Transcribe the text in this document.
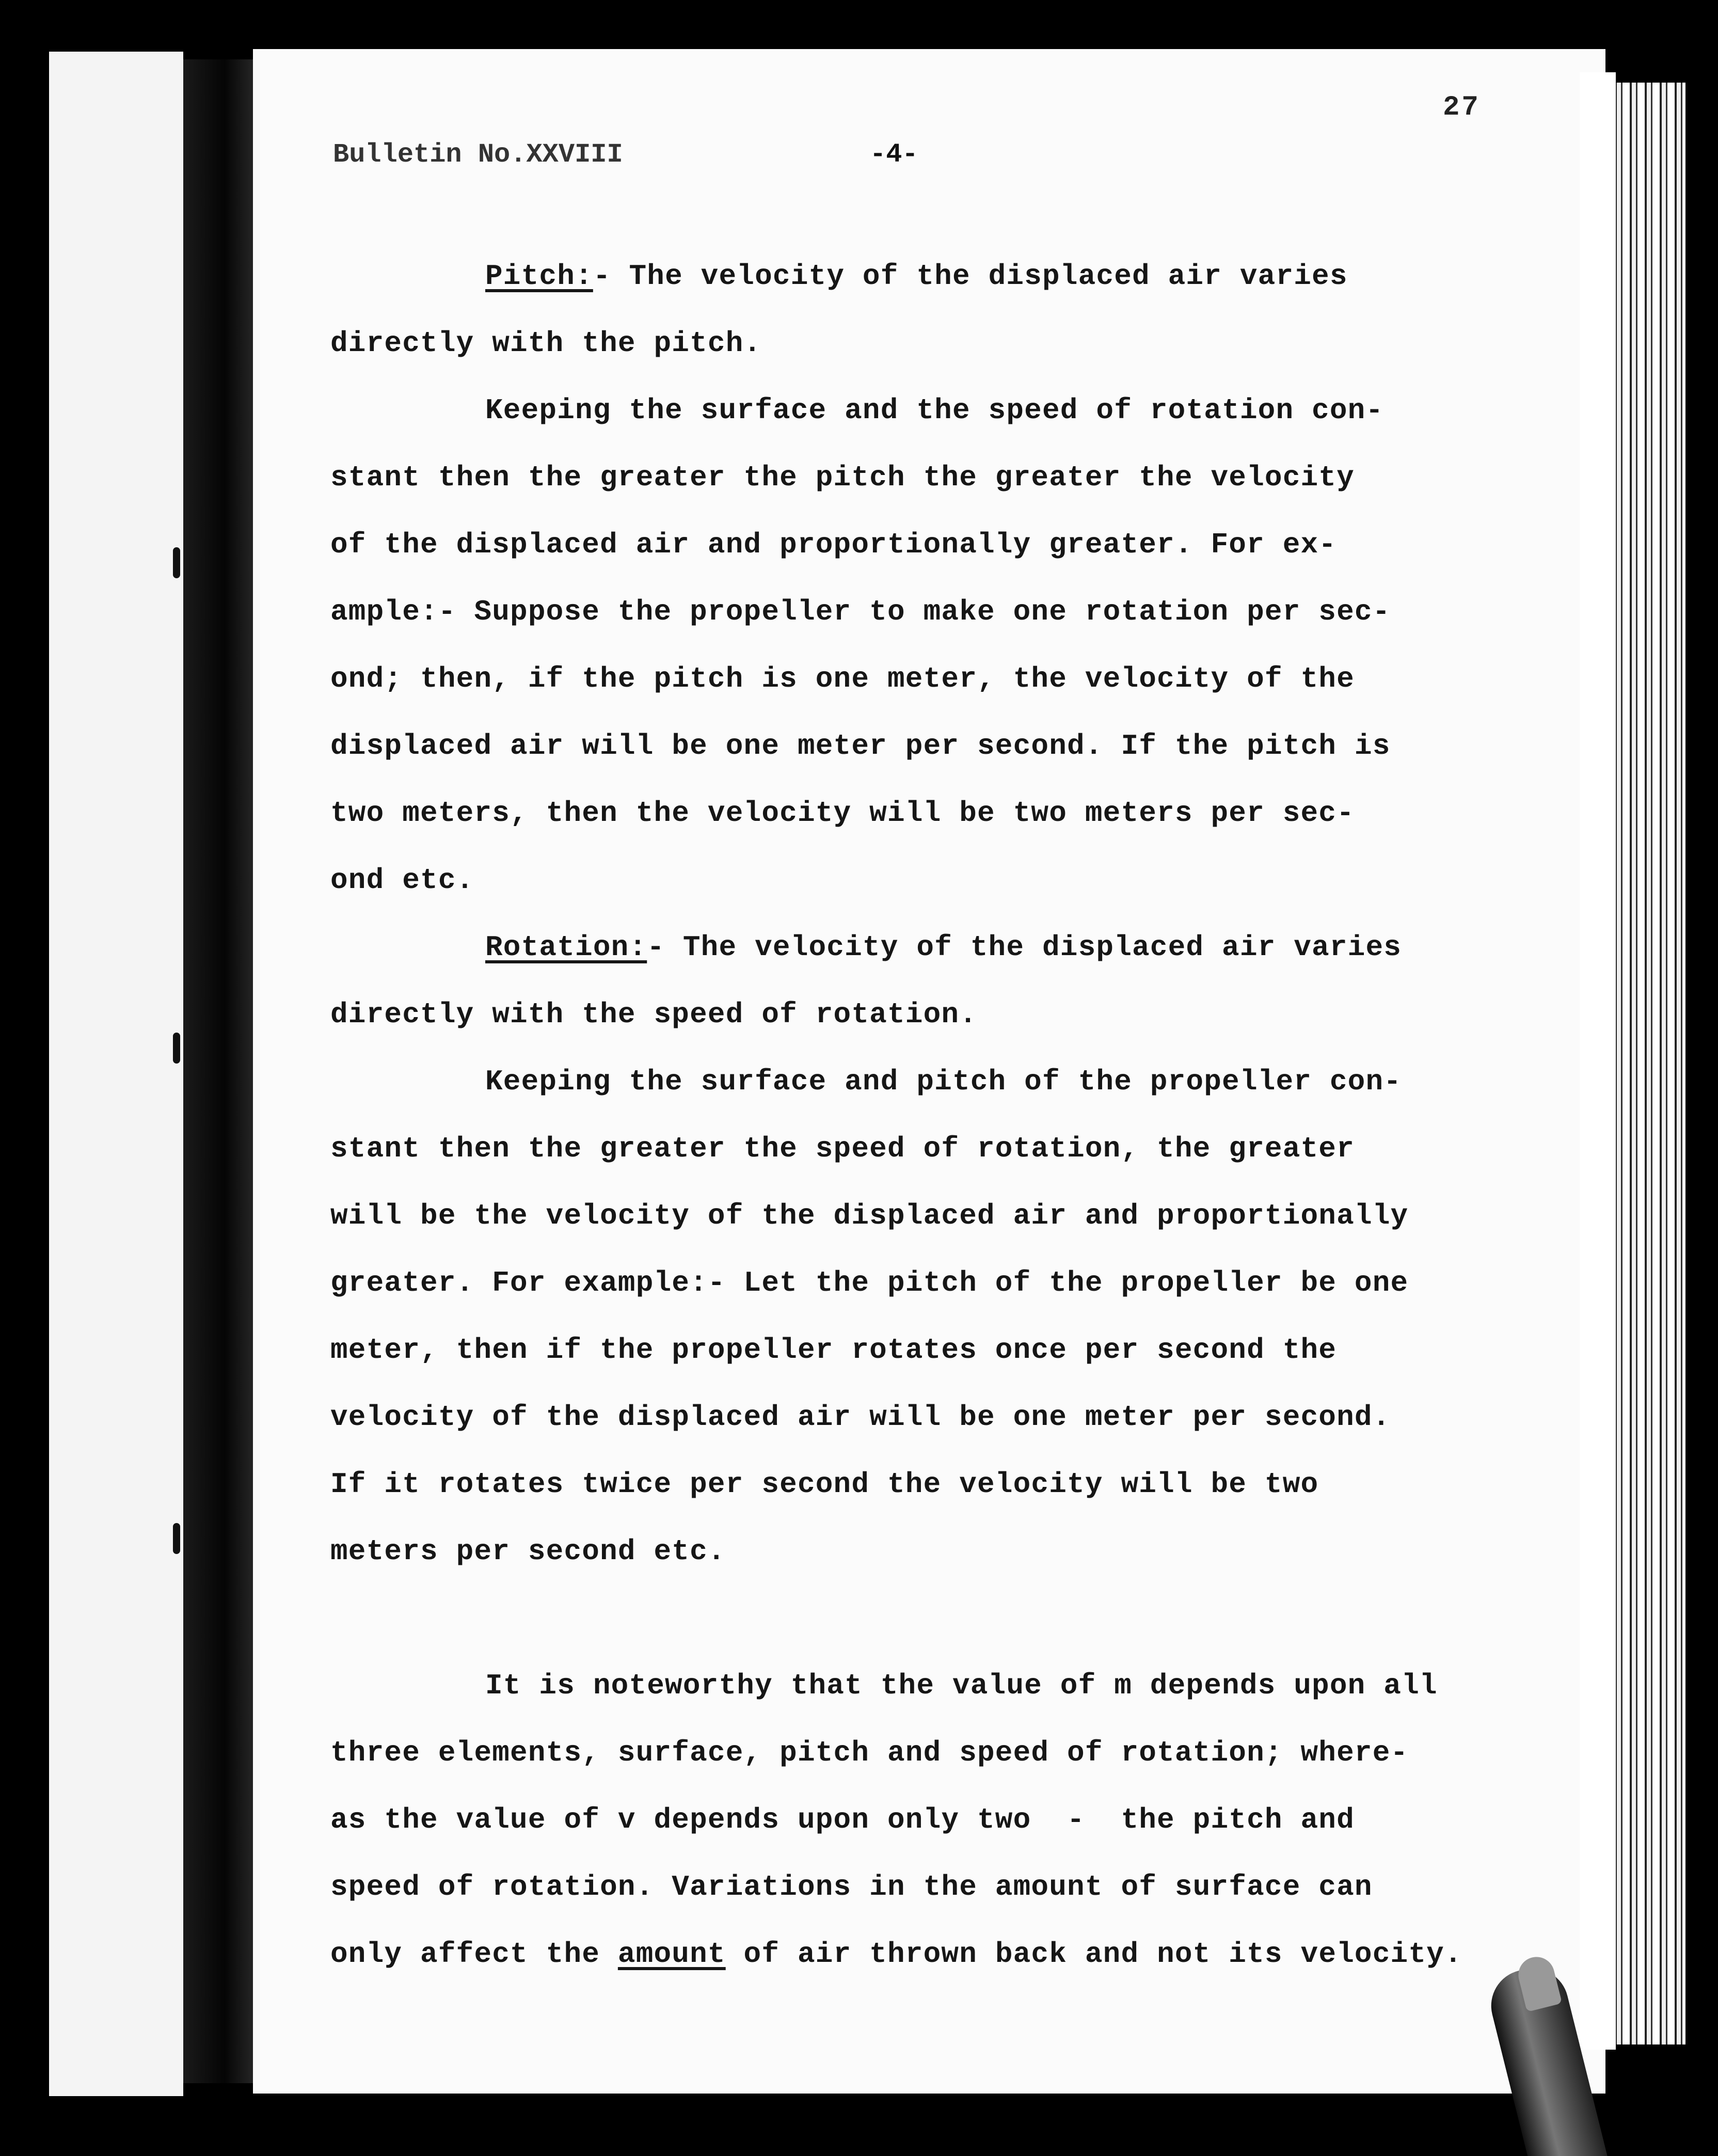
27
Bulletin No.XXVIII	-4-
Pitch:- The velocity of the displaced air varies
directly with the pitch.
Keeping the surface and the speed of rotation con-
stant then the greater the pitch the greater the velocity
of the displaced air and proportionally greater. For ex-
ample:- Suppose the propeller to make one rotation per sec-
ond; then, if the pitch is one meter, the velocity of the
displaced air will be one meter per second. If the pitch is
two meters, then the velocity will be two meters per sec-
ond etc.
Rotation:- The velocity of the displaced air varies
directly with the speed of rotation.
Keeping the surface and pitch of the propeller con-
stant then the greater the speed of rotation, the greater
will be the velocity of the displaced air and proportionally
greater. For example:- Let the pitch of the propeller be one
meter, then if the propeller rotates once per second the
velocity of the displaced air will be one meter per second.
If it rotates twice per second the velocity will be two
meters per second etc.
It is noteworthy that the value of m depends upon all
three elements, surface, pitch and speed of rotation; where-
as the value of v depends upon only two  -  the pitch and
speed of rotation. Variations in the amount of surface can
only affect the amount of air thrown back and not its velocity.
